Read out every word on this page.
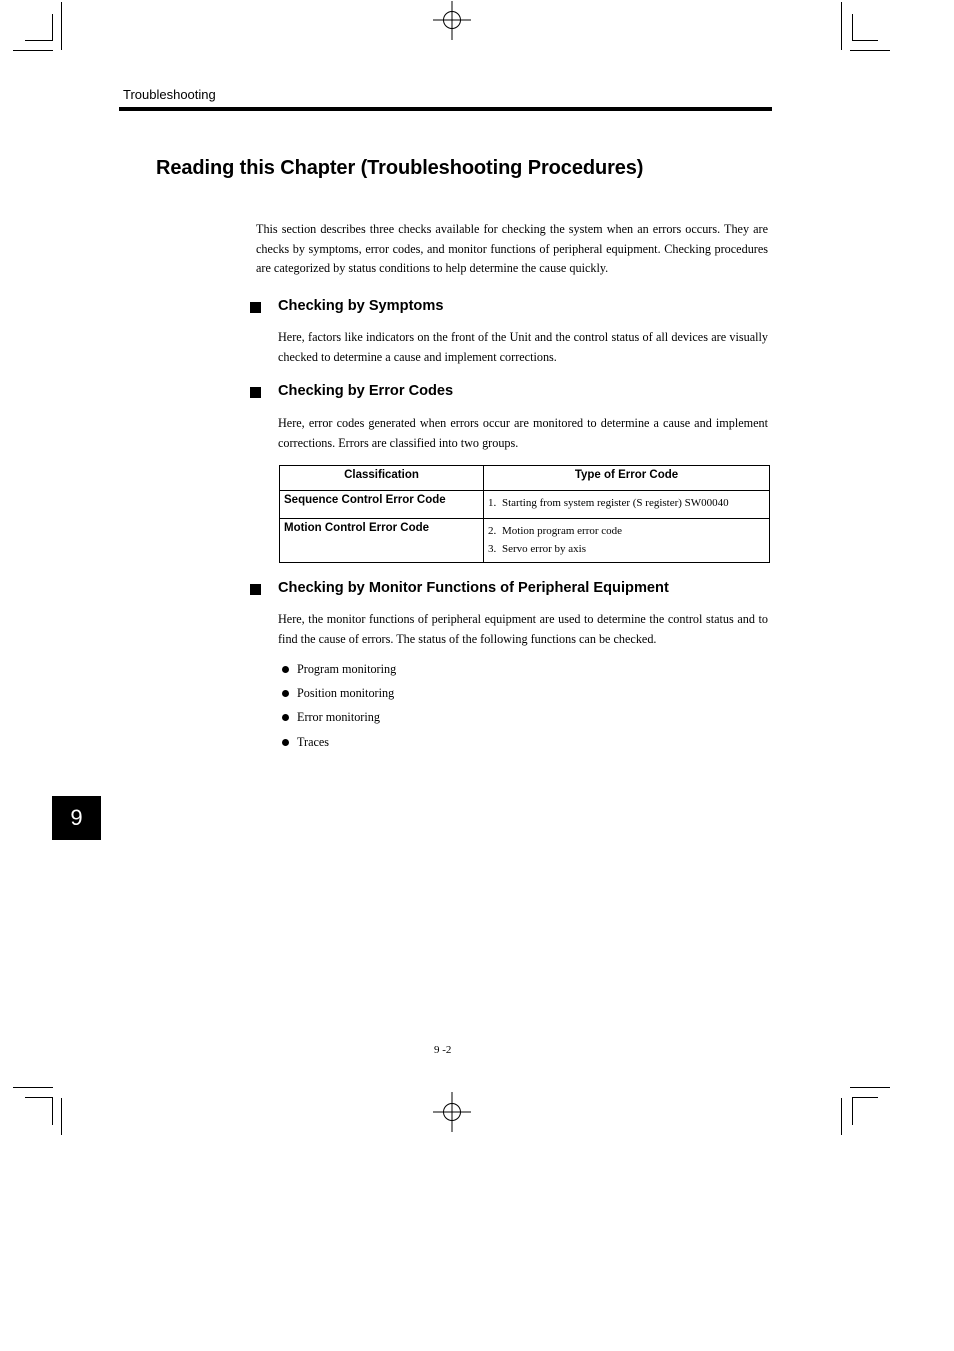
Troubleshooting
Reading this Chapter (Troubleshooting Procedures)
This section describes three checks available for checking the system when an errors occurs. They are checks by symptoms, error codes, and monitor functions of peripheral equipment. Checking procedures are categorized by status conditions to help determine the cause quickly.
Checking by Symptoms
Here, factors like indicators on the front of the Unit and the control status of all devices are visually checked to determine a cause and implement corrections.
Checking by Error Codes
Here, error codes generated when errors occur are monitored to determine a cause and implement corrections. Errors are classified into two groups.
Classification	Type of Error Code
Sequence Control Error Code	1. Starting from system register (S register) SW00040

Motion Control Error Code	2. Motion program error code
3. Servo error by axis
Checking by Monitor Functions of Peripheral Equipment
Here, the monitor functions of peripheral equipment are used to determine the control status and to find the cause of errors. The status of the following functions can be checked.
Program monitoring
Position monitoring
Error monitoring
Traces
9
9 -2
